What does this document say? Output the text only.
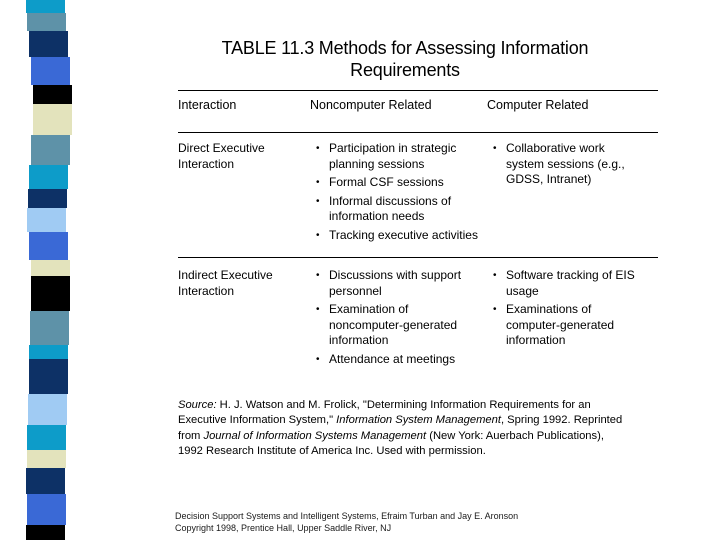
TABLE 11.3 Methods for Assessing Information
Requirements
Interaction	Noncomputer Related	Computer Related
Direct Executive Interaction
• Participation in strategic planning sessions
• Formal CSF sessions
• Informal discussions of information needs
• Tracking executive activities
• Collaborative work system sessions (e.g., GDSS, Intranet)
Indirect Executive Interaction
• Discussions with support personnel
• Examination of noncomputer-generated information
• Attendance at meetings
• Software tracking of EIS usage
• Examinations of computer-generated information

Source: H. J. Watson and M. Frolick, "Determining Information Requirements for an
Executive Information System," Information System Management, Spring 1992. Reprinted
from Journal of Information Systems Management (New York: Auerbach Publications),
1992 Research Institute of America Inc. Used with permission.

Decision Support Systems and Intelligent Systems, Efraim Turban and Jay E. Aronson
Copyright 1998, Prentice Hall, Upper Saddle River, NJ
